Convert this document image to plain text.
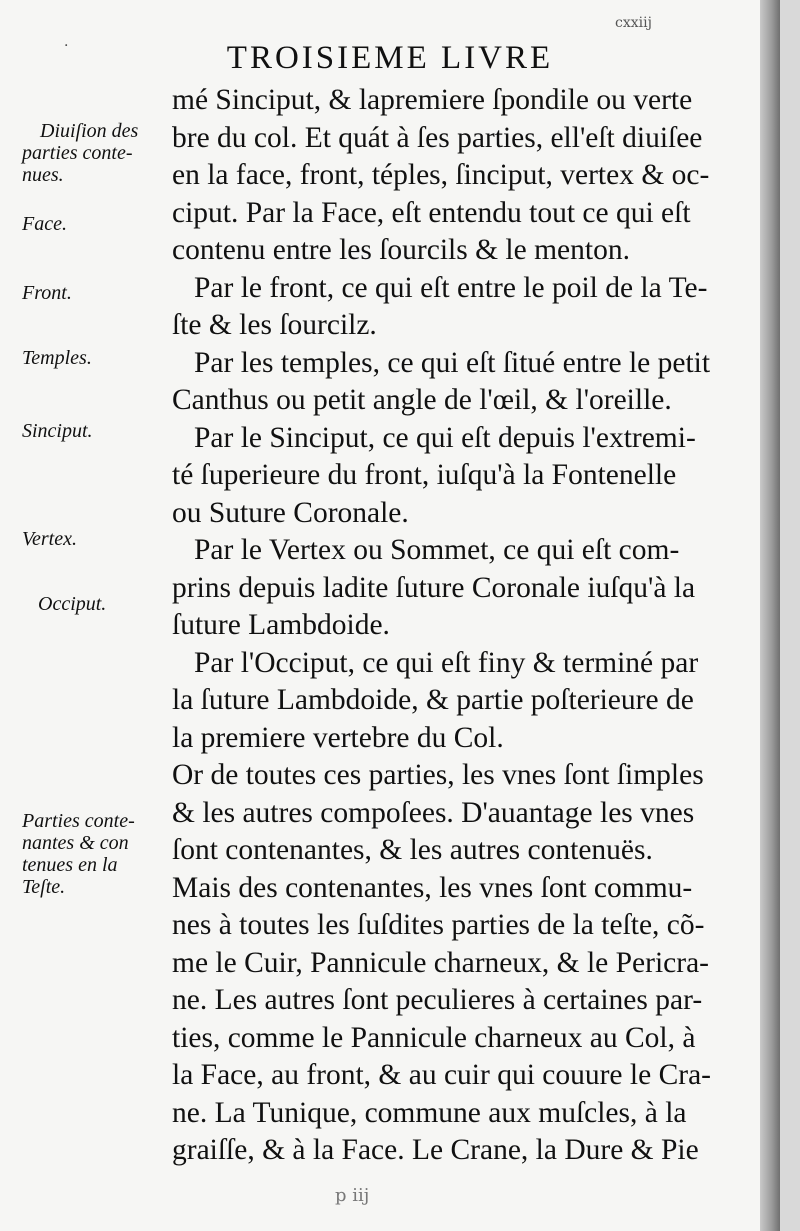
cxxiij
·	TROISIEME LIVRE
Diuiſion des
parties conte-
nues.
Face.
Front.
Temples.
Sinciput.
Vertex.
Occiput.
Parties conte-
nantes & con
tenues en la
Teſte.
mé Sinciput, & lapremiere ſpondile ou verte
bre du col. Et quát à ſes parties, ell'eſt diuiſee
en la face, front, téples, ſinciput, vertex & oc-
ciput. Par la Face, eſt entendu tout ce qui eſt
contenu entre les ſourcils & le menton.
Par le front, ce qui eſt entre le poil de la Te-
ſte & les ſourcilz.
Par les temples, ce qui eſt ſitué entre le petit
Canthus ou petit angle de l'œil, & l'oreille.
Par le Sinciput, ce qui eſt depuis l'extremi-
té ſuperieure du front, iuſqu'à la Fontenelle
ou Suture Coronale.
Par le Vertex ou Sommet, ce qui eſt com-
prins depuis ladite ſuture Coronale iuſqu'à la
ſuture Lambdoide.
Par l'Occiput, ce qui eſt finy & terminé par
la ſuture Lambdoide, & partie poſterieure de
la premiere vertebre du Col.
Or de toutes ces parties, les vnes ſont ſimples
& les autres compoſees. D'auantage les vnes
ſont contenantes, & les autres contenuës.
Mais des contenantes, les vnes ſont commu-
nes à toutes les ſuſdites parties de la teſte, cõ-
me le Cuir, Pannicule charneux, & le Pericra-
ne. Les autres ſont peculieres à certaines par-
ties, comme le Pannicule charneux au Col, à
la Face, au front, & au cuir qui couure le Cra-
ne. La Tunique, commune aux muſcles, à la
graiſſe, & à la Face. Le Crane, la Dure & Pie
p iij
